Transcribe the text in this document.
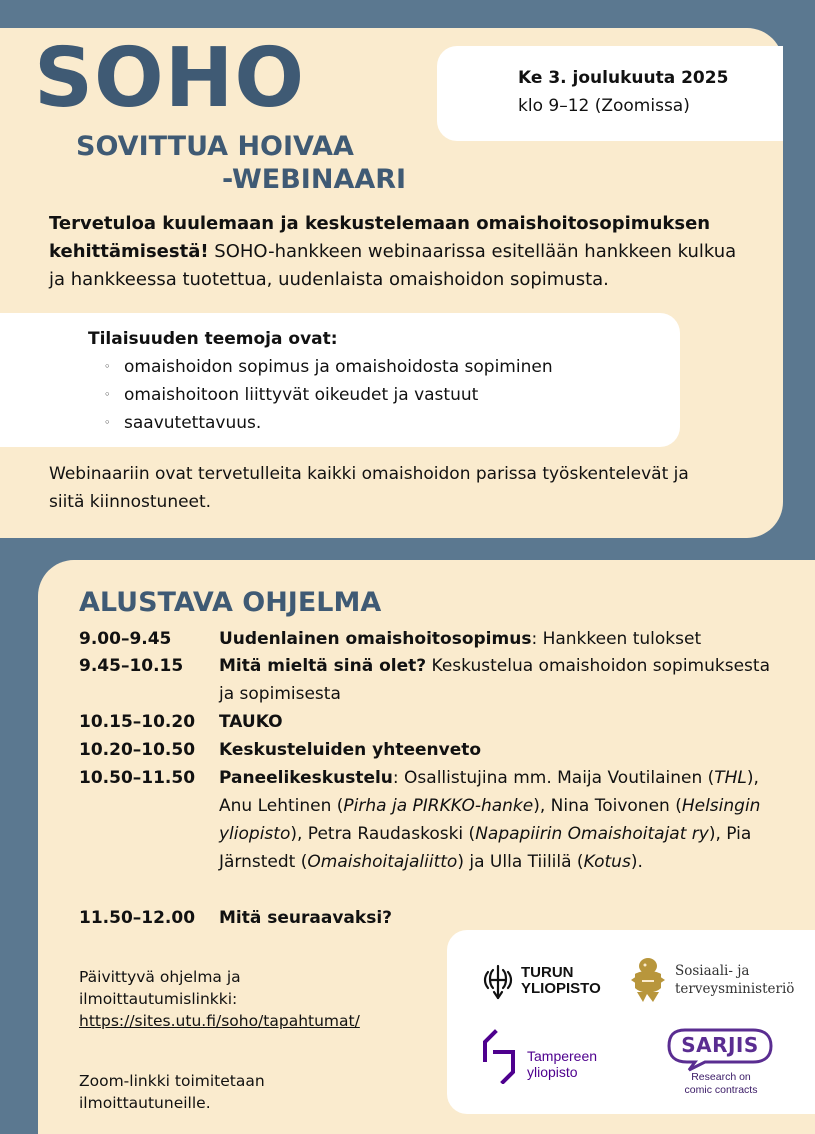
SOHO
SOVITTUA HOIVAA
-WEBINAARI
Ke 3. joulukuuta 2025
klo 9–12 (Zoomissa)

Tervetuloa kuulemaan ja keskustelemaan omaishoitosopimuksen kehittämisestä! SOHO-hankkeen webinaarissa esitellään hankkeen kulkua ja hankkeessa tuotettua, uudenlaista omaishoidon sopimusta.

Tilaisuuden teemoja ovat:
◦ omaishoidon sopimus ja omaishoidosta sopiminen
◦ omaishoitoon liittyvät oikeudet ja vastuut
◦ saavutettavuus.

Webinaariin ovat tervetulleita kaikki omaishoidon parissa työskentelevät ja siitä kiinnostuneet.

ALUSTAVA OHJELMA
9.00–9.45	Uudenlainen omaishoitosopimus: Hankkeen tulokset
9.45–10.15 Mitä mieltä sinä olet? Keskustelua omaishoidon sopimuksesta ja sopimisesta
10.15–10.20 TAUKO
10.20–10.50 Keskusteluiden yhteenveto
10.50–11.50 Paneelikeskustelu: Osallistujina mm. Maija Voutilainen (THL), Anu Lehtinen (Pirha ja PIRKKO-hanke), Nina Toivonen (Helsingin yliopisto), Petra Raudaskoski (Napapiirin Omaishoitajat ry), Pia Järnstedt (Omaishoitajaliitto) ja Ulla Tiililä (Kotus).
11.50–12.00 Mitä seuraavaksi?
Päivittyvä ohjelma ja
ilmoittautumislinkki:
https://sites.utu.fi/soho/tapahtumat/
Zoom-linkki toimitetaan
ilmoittautuneille.
TURUN
YLIOPISTO
Sosiaali- ja
terveysministeriö
Tampereen
yliopisto
SARJIS
Research on
comic contracts
